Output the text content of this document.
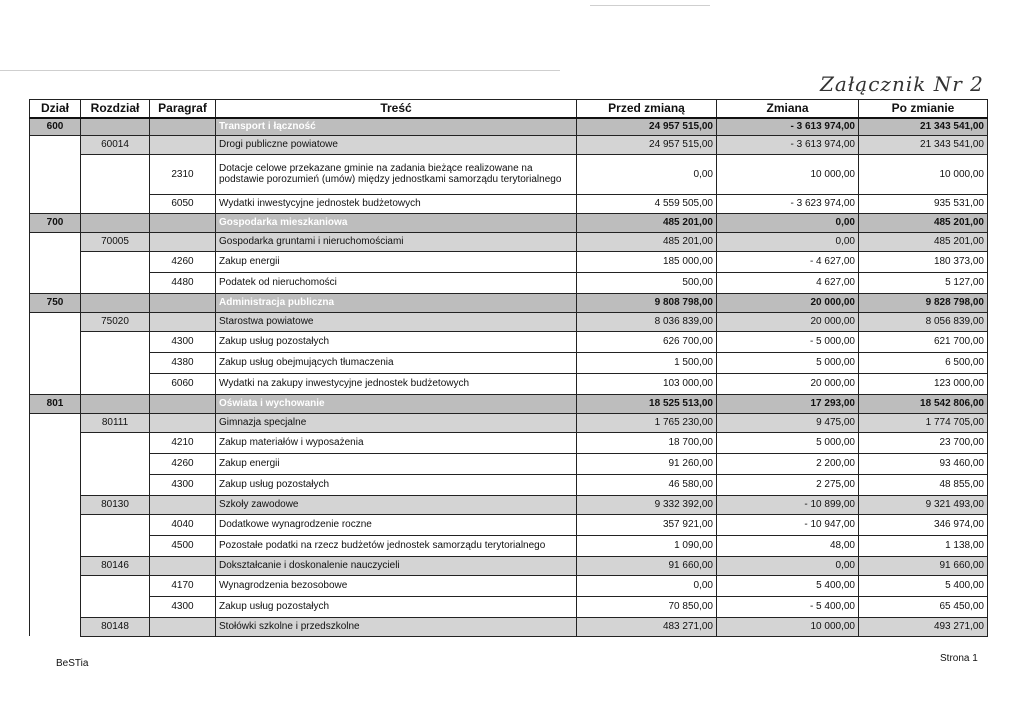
Załącznik Nr 2
Dział	Rozdział	Paragraf	Treść	Przed zmianą	Zmiana	Po zmianie
600			Transport i łączność	24 957 515,00	- 3 613 974,00	21 343 541,00
	60014		Drogi publiczne powiatowe	24 957 515,00	- 3 613 974,00	21 343 541,00
		2310	Dotacje celowe przekazane gminie na zadania bieżące realizowane na podstawie porozumień (umów) między jednostkami samorządu terytorialnego	0,00	10 000,00	10 000,00
		6050	Wydatki inwestycyjne jednostek budżetowych	4 559 505,00	- 3 623 974,00	935 531,00
700			Gospodarka mieszkaniowa	485 201,00	0,00	485 201,00
	70005		Gospodarka gruntami i nieruchomościami	485 201,00	0,00	485 201,00
		4260	Zakup energii	185 000,00	- 4 627,00	180 373,00
		4480	Podatek od nieruchomości	500,00	4 627,00	5 127,00
750			Administracja publiczna	9 808 798,00	20 000,00	9 828 798,00
	75020		Starostwa powiatowe	8 036 839,00	20 000,00	8 056 839,00
		4300	Zakup usług pozostałych	626 700,00	- 5 000,00	621 700,00
		4380	Zakup usług obejmujących tłumaczenia	1 500,00	5 000,00	6 500,00
		6060	Wydatki na zakupy inwestycyjne jednostek budżetowych	103 000,00	20 000,00	123 000,00
801			Oświata i wychowanie	18 525 513,00	17 293,00	18 542 806,00
	80111		Gimnazja specjalne	1 765 230,00	9 475,00	1 774 705,00
		4210	Zakup materiałów i wyposażenia	18 700,00	5 000,00	23 700,00
		4260	Zakup energii	91 260,00	2 200,00	93 460,00
		4300	Zakup usług pozostałych	46 580,00	2 275,00	48 855,00
	80130		Szkoły zawodowe	9 332 392,00	- 10 899,00	9 321 493,00
		4040	Dodatkowe wynagrodzenie roczne	357 921,00	- 10 947,00	346 974,00
		4500	Pozostałe podatki na rzecz budżetów jednostek samorządu terytorialnego	1 090,00	48,00	1 138,00
	80146		Dokształcanie i doskonalenie nauczycieli	91 660,00	0,00	91 660,00
		4170	Wynagrodzenia bezosobowe	0,00	5 400,00	5 400,00
		4300	Zakup usług pozostałych	70 850,00	- 5 400,00	65 450,00
	80148		Stołówki szkolne i przedszkolne	483 271,00	10 000,00	493 271,00
BeSTia	Strona 1
